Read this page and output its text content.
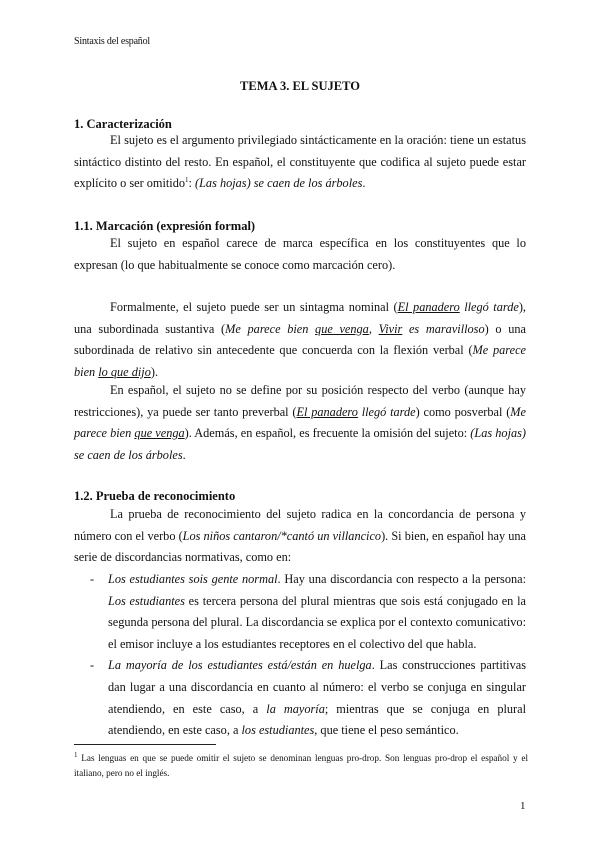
Sintaxis del español
TEMA 3. EL SUJETO
1. Caracterización

El sujeto es el argumento privilegiado sintácticamente en la oración: tiene un estatus sintáctico distinto del resto. En español, el constituyente que codifica al sujeto puede estar explícito o ser omitido$^1$: (Las hojas) se caen de los árboles.

1.1. Marcación (expresión formal)

El sujeto en español carece de marca específica en los constituyentes que lo expresan (lo que habitualmente se conoce como marcación cero).

Formalmente, el sujeto puede ser un sintagma nominal (El panadero llegó tarde), una subordinada sustantiva (Me parece bien que venga, Vivir es maravilloso) o una subordinada de relativo sin antecedente que concuerda con la flexión verbal (Me parece bien lo que dijo).

En español, el sujeto no se define por su posición respecto del verbo (aunque hay restricciones), ya puede ser tanto preverbal (El panadero llegó tarde) como posverbal (Me parece bien que venga). Además, en español, es frecuente la omisión del sujeto: (Las hojas) se caen de los árboles.

1.2. Prueba de reconocimiento

La prueba de reconocimiento del sujeto radica en la concordancia de persona y número con el verbo (Los niños cantaron/*cantó un villancico). Si bien, en español hay una serie de discordancias normativas, como en:

- Los estudiantes sois gente normal. Hay una discordancia con respecto a la persona: Los estudiantes es tercera persona del plural mientras que sois está conjugado en la segunda persona del plural. La discordancia se explica por el contexto comunicativo: el emisor incluye a los estudiantes receptores en el colectivo del que habla.
- La mayoría de los estudiantes está/están en huelga. Las construcciones partitivas dan lugar a una discordancia en cuanto al número: el verbo se conjuga en singular atendiendo, en este caso, a la mayoría; mientras que se conjuga en plural atendiendo, en este caso, a los estudiantes, que tiene el peso semántico.
$^1$ Las lenguas en que se puede omitir el sujeto se denominan lenguas pro-drop. Son lenguas pro-drop el español y el italiano, pero no el inglés.
1
